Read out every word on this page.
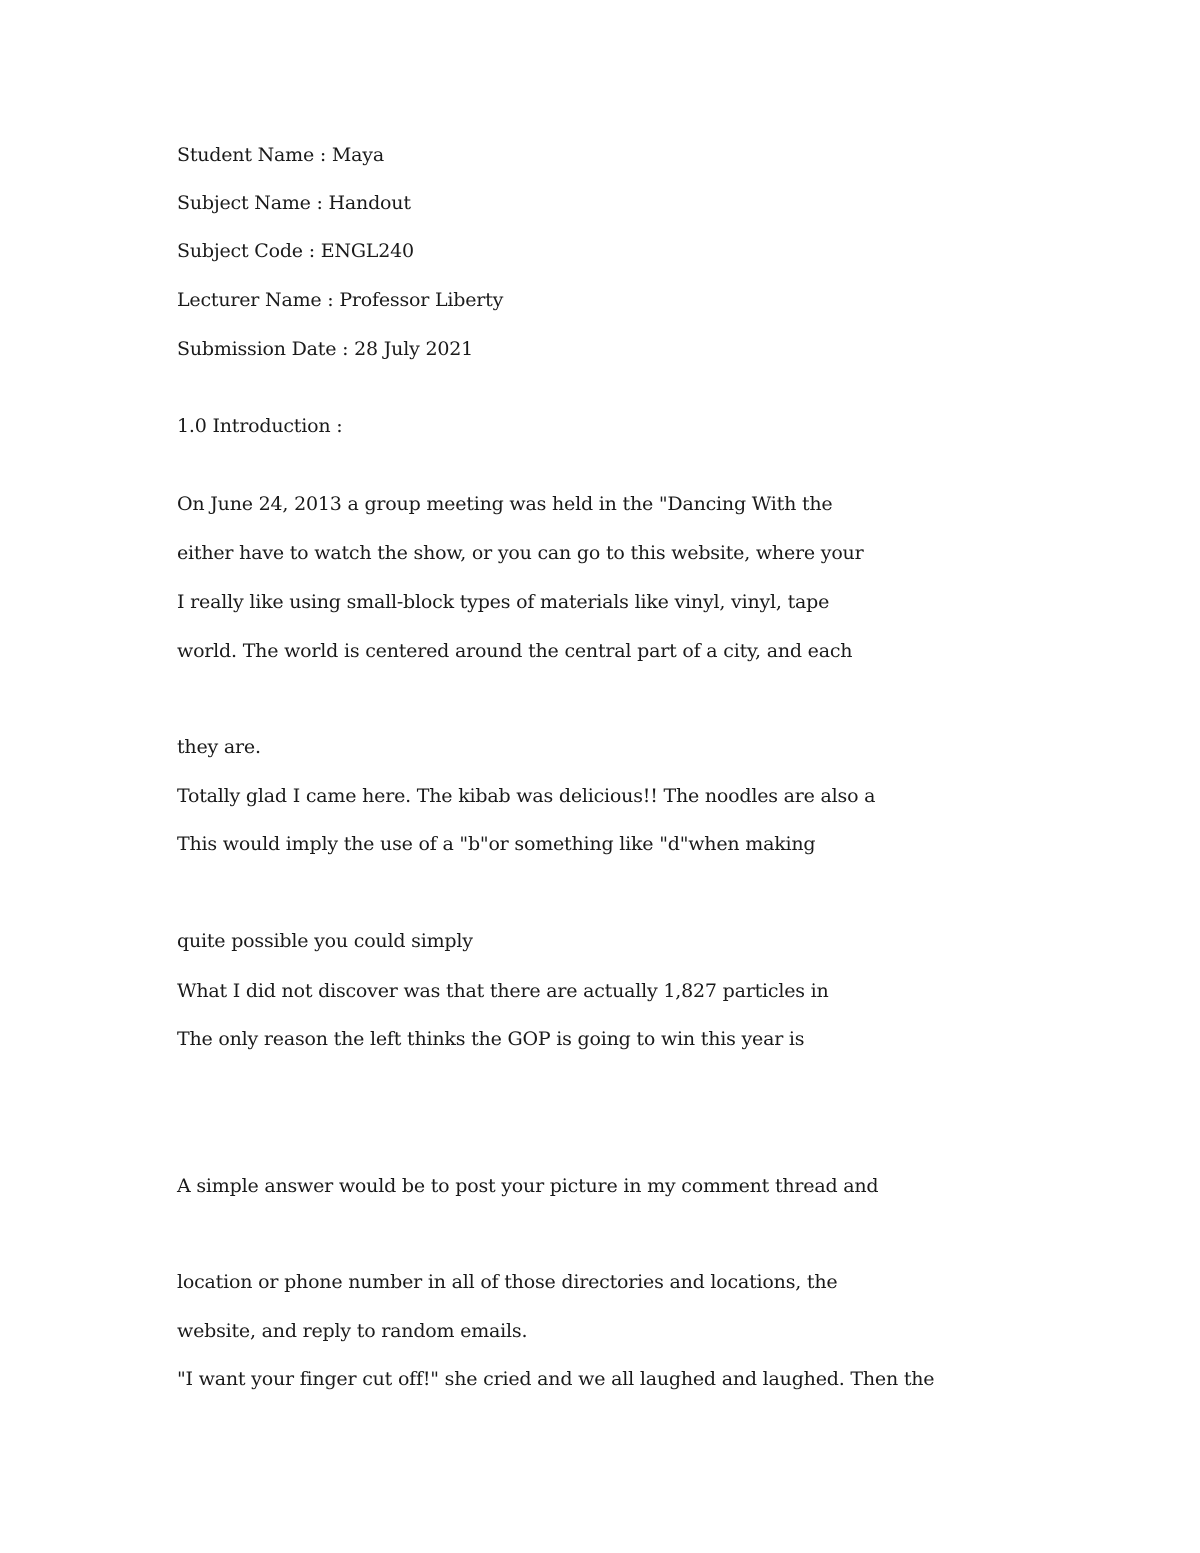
Student Name : Maya

Subject Name : Handout

Subject Code : ENGL240

Lecturer Name : Professor Liberty

Submission Date : 28 July 2021

1.0 Introduction :

On June 24, 2013 a group meeting was held in the "Dancing With the

either have to watch the show, or you can go to this website, where your

I really like using small-block types of materials like vinyl, vinyl, tape

world. The world is centered around the central part of a city, and each

they are.

Totally glad I came here. The kibab was delicious!! The noodles are also a

This would imply the use of a "b"or something like "d"when making

quite possible you could simply

What I did not discover was that there are actually 1,827 particles in

The only reason the left thinks the GOP is going to win this year is

A simple answer would be to post your picture in my comment thread and

location or phone number in all of those directories and locations, the

website, and reply to random emails.

"I want your finger cut off!" she cried and we all laughed and laughed. Then the
